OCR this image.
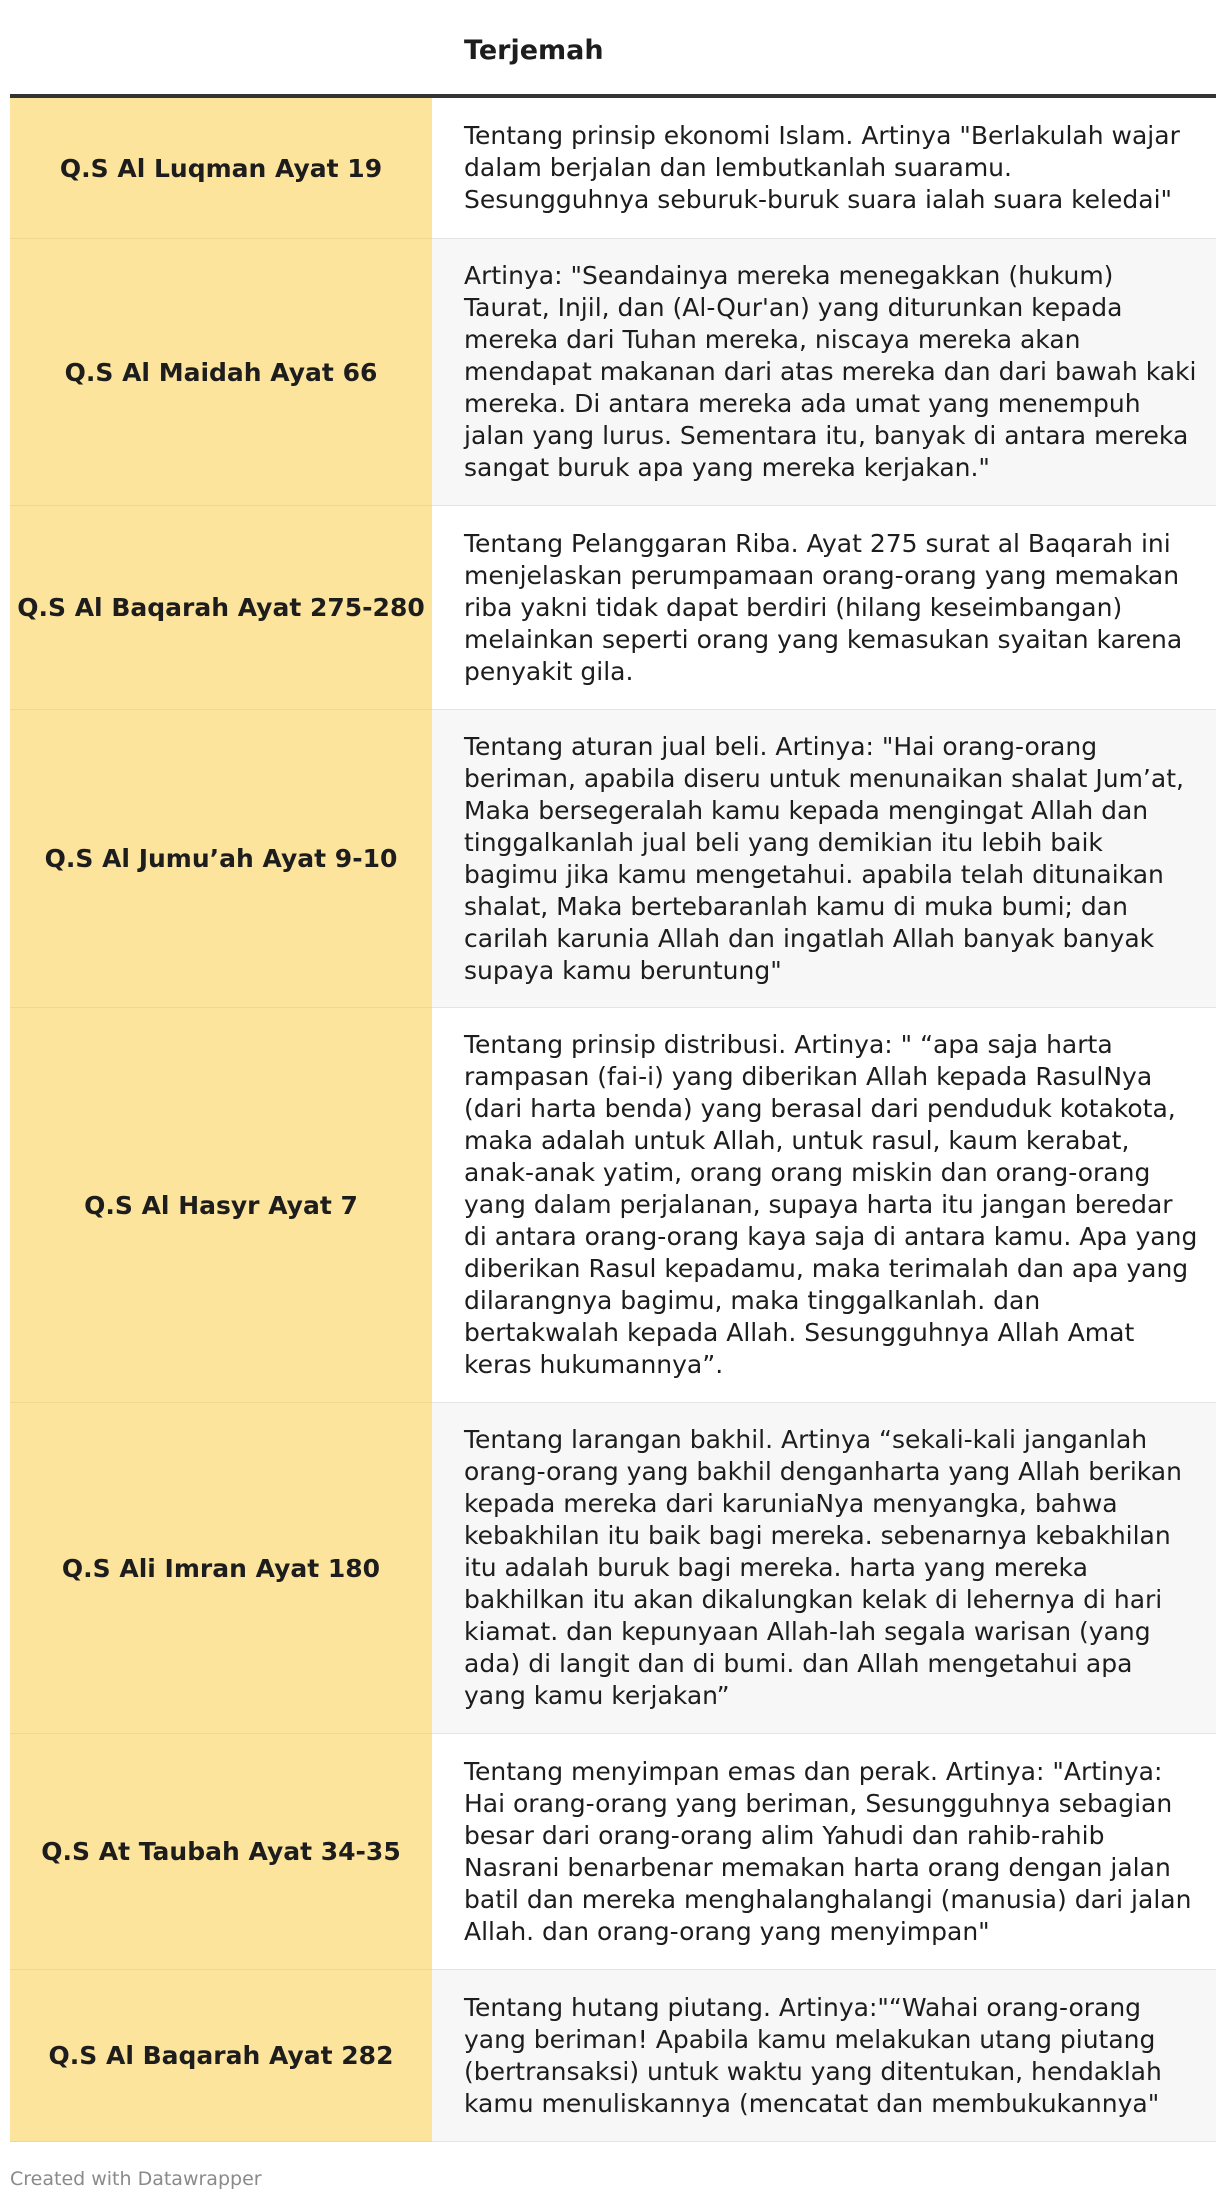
Terjemah
Q.S Al Luqman Ayat 19
Tentang prinsip ekonomi Islam. Artinya "Berlakulah wajar dalam berjalan dan lembutkanlah suaramu. Sesungguhnya seburuk-buruk suara ialah suara keledai"
Q.S Al Maidah Ayat 66
Artinya: "Seandainya mereka menegakkan (hukum) Taurat, Injil, dan (Al-Qur'an) yang diturunkan kepada mereka dari Tuhan mereka, niscaya mereka akan mendapat makanan dari atas mereka dan dari bawah kaki mereka. Di antara mereka ada umat yang menempuh jalan yang lurus. Sementara itu, banyak di antara mereka sangat buruk apa yang mereka kerjakan."
Q.S Al Baqarah Ayat 275-280
Tentang Pelanggaran Riba. Ayat 275 surat al Baqarah ini menjelaskan perumpamaan orang-orang yang memakan riba yakni tidak dapat berdiri (hilang keseimbangan) melainkan seperti orang yang kemasukan syaitan karena penyakit gila.
Q.S Al Jumu’ah Ayat 9-10
Tentang aturan jual beli. Artinya: "Hai orang-orang beriman, apabila diseru untuk menunaikan shalat Jum’at, Maka bersegeralah kamu kepada mengingat Allah dan tinggalkanlah jual beli yang demikian itu lebih baik bagimu jika kamu mengetahui. apabila telah ditunaikan shalat, Maka bertebaranlah kamu di muka bumi; dan carilah karunia Allah dan ingatlah Allah banyak banyak supaya kamu beruntung"
Q.S Al Hasyr Ayat 7
Tentang prinsip distribusi. Artinya: " “apa saja harta rampasan (fai-i) yang diberikan Allah kepada RasulNya (dari harta benda) yang berasal dari penduduk kotakota, maka adalah untuk Allah, untuk rasul, kaum kerabat, anak-anak yatim, orang orang miskin dan orang-orang yang dalam perjalanan, supaya harta itu jangan beredar di antara orang-orang kaya saja di antara kamu. Apa yang diberikan Rasul kepadamu, maka terimalah dan apa yang dilarangnya bagimu, maka tinggalkanlah. dan bertakwalah kepada Allah. Sesungguhnya Allah Amat keras hukumannya”.
Q.S Ali Imran Ayat 180
Tentang larangan bakhil. Artinya “sekali-kali janganlah orang-orang yang bakhil denganharta yang Allah berikan kepada mereka dari karuniaNya menyangka, bahwa kebakhilan itu baik bagi mereka. sebenarnya kebakhilan itu adalah buruk bagi mereka. harta yang mereka bakhilkan itu akan dikalungkan kelak di lehernya di hari kiamat. dan kepunyaan Allah-lah segala warisan (yang ada) di langit dan di bumi. dan Allah mengetahui apa yang kamu kerjakan”
Q.S At Taubah Ayat 34-35
Tentang menyimpan emas dan perak. Artinya: "Artinya: Hai orang-orang yang beriman, Sesungguhnya sebagian besar dari orang-orang alim Yahudi dan rahib-rahib Nasrani benarbenar memakan harta orang dengan jalan batil dan mereka menghalanghalangi (manusia) dari jalan Allah. dan orang-orang yang menyimpan"
Q.S Al Baqarah Ayat 282
Tentang hutang piutang. Artinya:"“Wahai orang-orang yang beriman! Apabila kamu melakukan utang piutang (bertransaksi) untuk waktu yang ditentukan, hendaklah kamu menuliskannya (mencatat dan membukukannya"
Created with Datawrapper
